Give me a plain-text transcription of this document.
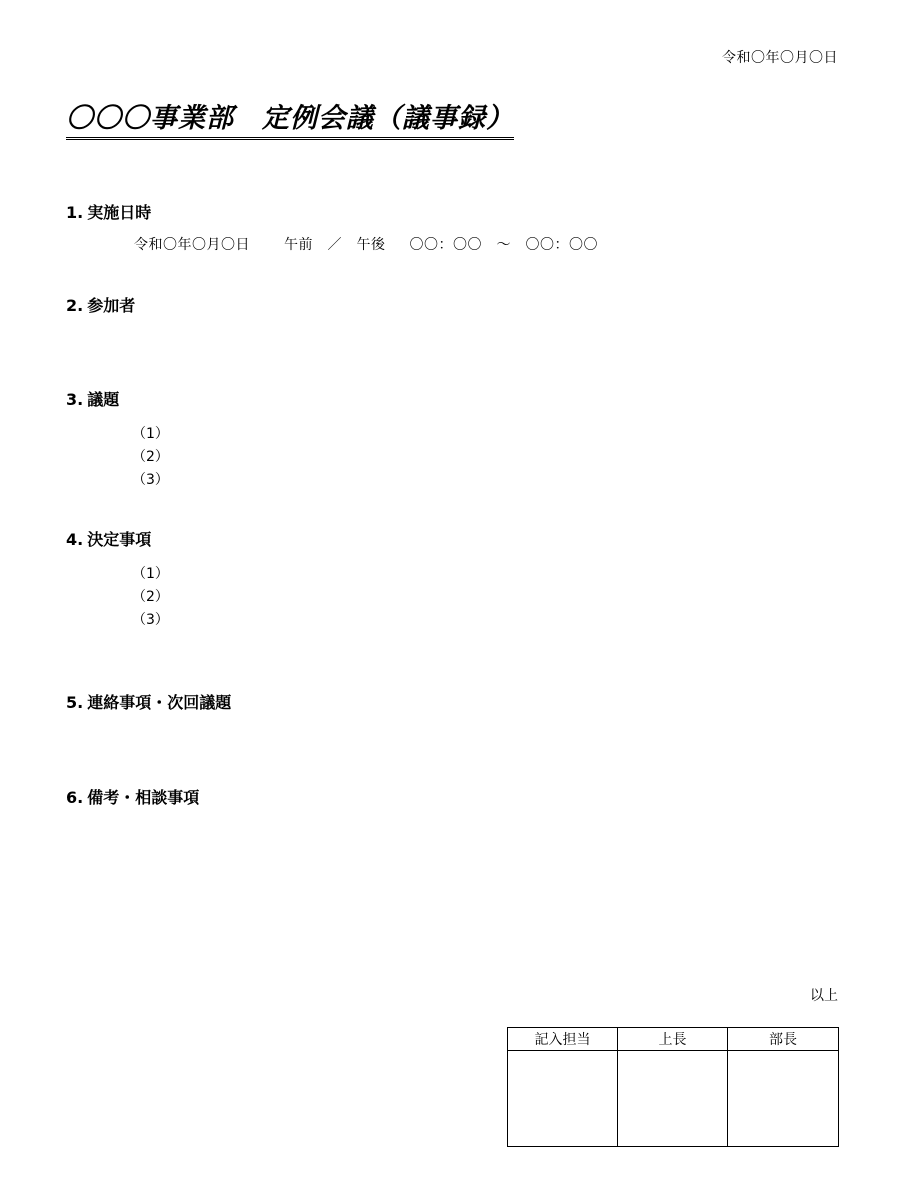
令和〇年〇月〇日
〇〇〇事業部　定例会議（議事録）
1. 実施日時
令和〇年〇月〇日 午前　／　午後 〇〇：〇〇　～　〇〇：〇〇
2. 参加者
3. 議題
（1）
（2）
（3）
4. 決定事項
（1）
（2）
（3）
5. 連絡事項・次回議題
6. 備考・相談事項
以上
記入担当	上長	部長
